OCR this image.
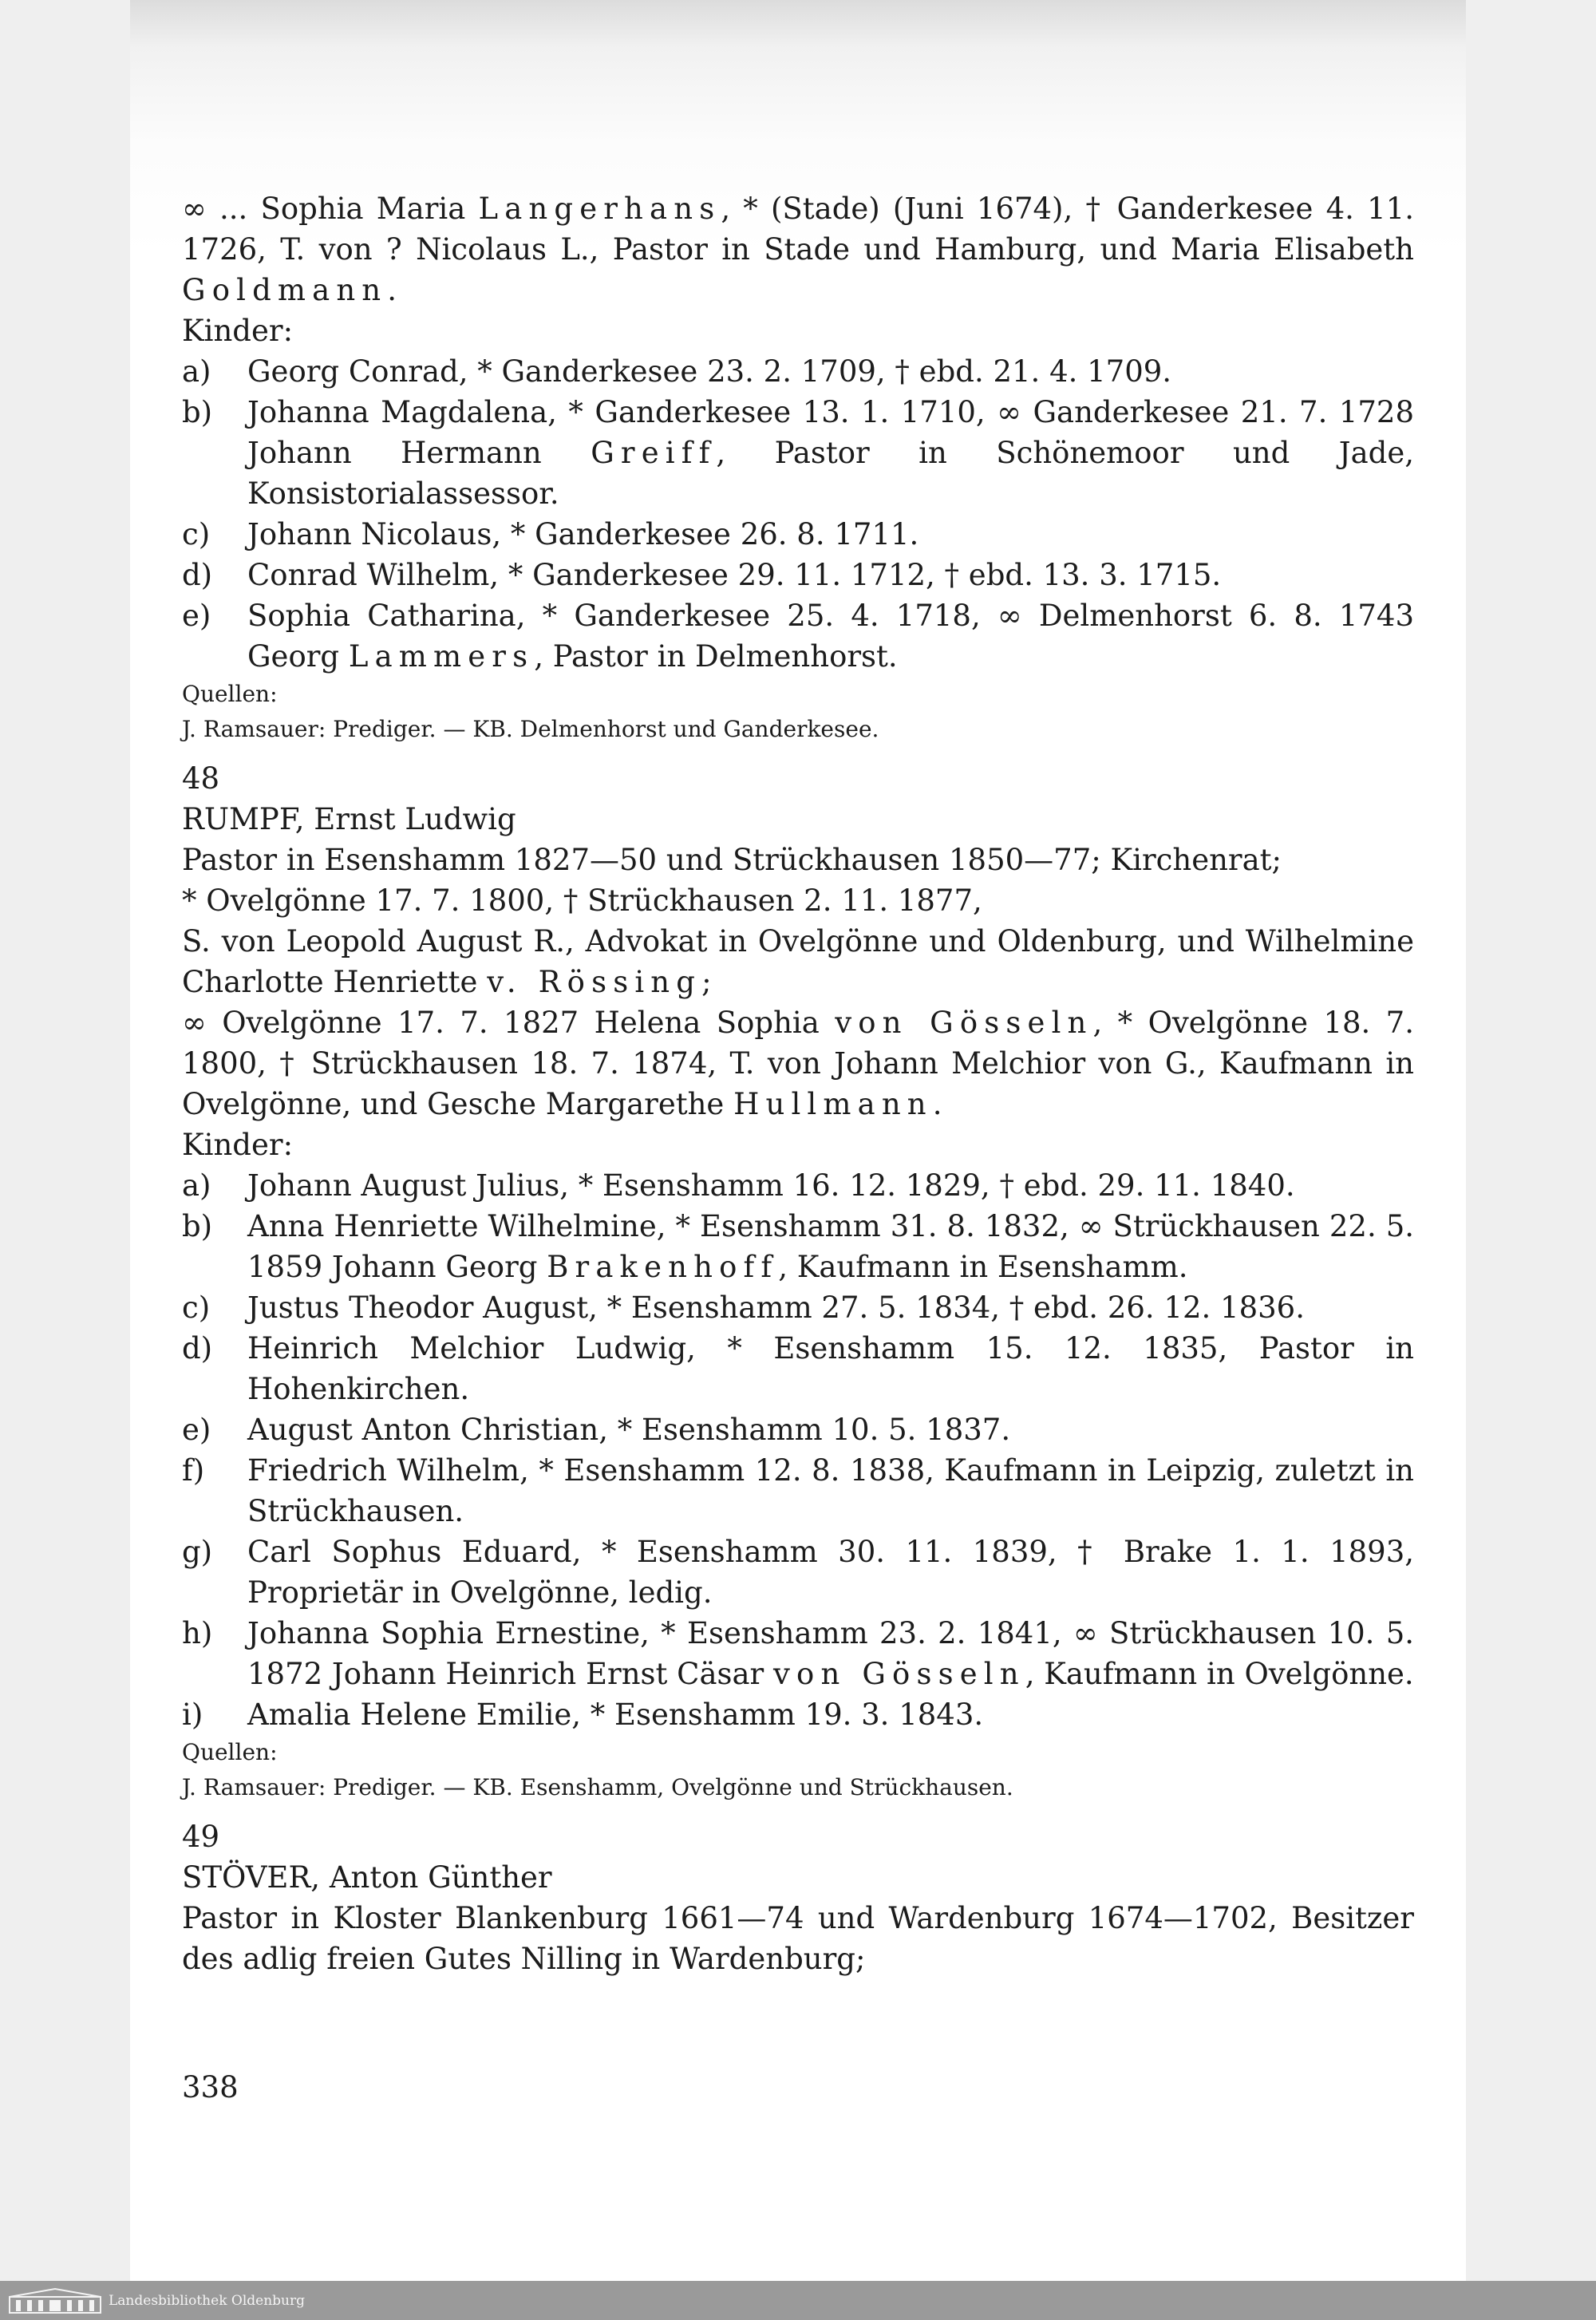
∞ ... Sophia Maria Langerhans, * (Stade) (Juni 1674), † Ganderkesee 4. 11. 1726, T. von ? Nicolaus L., Pastor in Stade und Hamburg, und Maria Elisabeth Goldmann.

Kinder:

a)	Georg Conrad, * Ganderkesee 23. 2. 1709, † ebd. 21. 4. 1709.
b)	Johanna Magdalena, * Ganderkesee 13. 1. 1710, ∞ Ganderkesee 21. 7. 1728 Johann Hermann Greiff, Pastor in Schönemoor und Jade, Konsistorialassessor.
c)	Johann Nicolaus, * Ganderkesee 26. 8. 1711.
d)	Conrad Wilhelm, * Ganderkesee 29. 11. 1712, † ebd. 13. 3. 1715.
e)	Sophia Catharina, * Ganderkesee 25. 4. 1718, ∞ Delmenhorst 6. 8. 1743 Georg Lammers, Pastor in Delmenhorst.

Quellen:

J. Ramsauer: Prediger. — KB. Delmenhorst und Ganderkesee.

48

RUMPF, Ernst Ludwig

Pastor in Esenshamm 1827—50 und Strückhausen 1850—77; Kirchenrat;

* Ovelgönne 17. 7. 1800, † Strückhausen 2. 11. 1877,

S. von Leopold August R., Advokat in Ovelgönne und Oldenburg, und Wilhelmine Charlotte Henriette v. Rössing;

∞ Ovelgönne 17. 7. 1827 Helena Sophia von Gösseln, * Ovelgönne 18. 7. 1800, † Strückhausen 18. 7. 1874, T. von Johann Melchior von G., Kaufmann in Ovelgönne, und Gesche Margarethe Hullmann.

Kinder:

a)	Johann August Julius, * Esenshamm 16. 12. 1829, † ebd. 29. 11. 1840.
b)	Anna Henriette Wilhelmine, * Esenshamm 31. 8. 1832, ∞ Strückhausen 22. 5. 1859 Johann Georg Brakenhoff, Kaufmann in Esenshamm.
c)	Justus Theodor August, * Esenshamm 27. 5. 1834, † ebd. 26. 12. 1836.
d)	Heinrich Melchior Ludwig, * Esenshamm 15. 12. 1835, Pastor in Hohenkirchen.
e)	August Anton Christian, * Esenshamm 10. 5. 1837.
f)	Friedrich Wilhelm, * Esenshamm 12. 8. 1838, Kaufmann in Leipzig, zuletzt in Strückhausen.
g)	Carl Sophus Eduard, * Esenshamm 30. 11. 1839, † Brake 1. 1. 1893, Proprietär in Ovelgönne, ledig.
h)	Johanna Sophia Ernestine, * Esenshamm 23. 2. 1841, ∞ Strückhausen 10. 5. 1872 Johann Heinrich Ernst Cäsar von Gösseln, Kaufmann in Ovelgönne.
i)	Amalia Helene Emilie, * Esenshamm 19. 3. 1843.

Quellen:

J. Ramsauer: Prediger. — KB. Esenshamm, Ovelgönne und Strückhausen.

49

STÖVER, Anton Günther

Pastor in Kloster Blankenburg 1661—74 und Wardenburg 1674—1702, Besitzer des adlig freien Gutes Nilling in Wardenburg;

338
Landesbibliothek Oldenburg
